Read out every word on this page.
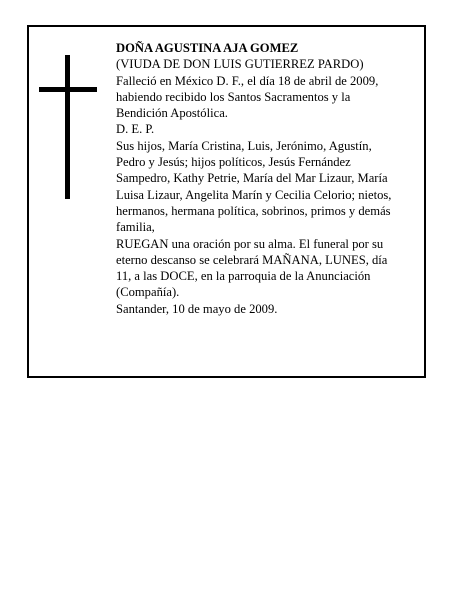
DOÑA AGUSTINA AJA GOMEZ
(VIUDA DE DON LUIS GUTIERREZ PARDO)
Falleció en México D. F., el día 18 de abril de 2009,
habiendo recibido los Santos Sacramentos y la
Bendición Apostólica.
D. E. P.
Sus hijos, María Cristina, Luis, Jerónimo, Agustín,
Pedro y Jesús; hijos políticos, Jesús Fernández
Sampedro, Kathy Petrie, María del Mar Lizaur, María
Luisa Lizaur, Angelita Marín y Cecilia Celorio; nietos,
hermanos, hermana política, sobrinos, primos y demás
familia,
RUEGAN una oración por su alma. El funeral por su
eterno descanso se celebrará MAÑANA, LUNES, día
11, a las DOCE, en la parroquia de la Anunciación
(Compañía).
Santander, 10 de mayo de 2009.
